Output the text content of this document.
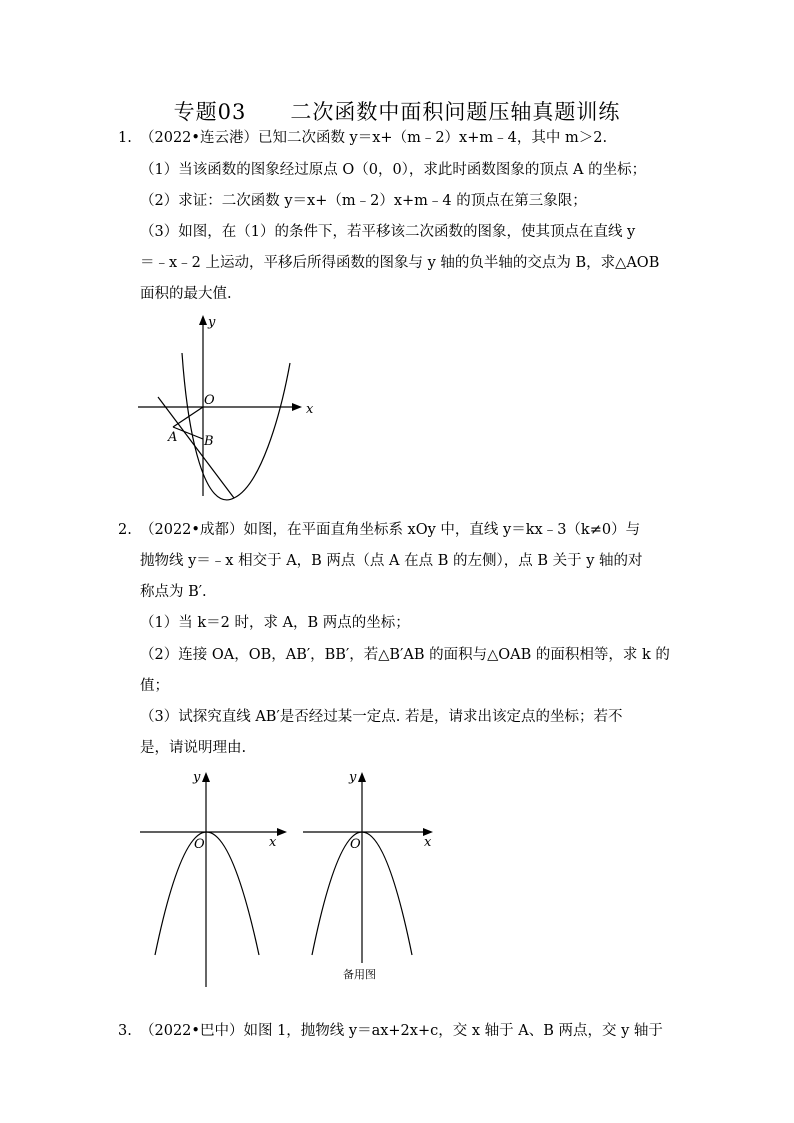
专题03　　二次函数中面积问题压轴真题训练
1. （2022•连云港）已知二次函数 y＝x+（m﹣2）x+m﹣4，其中 m＞2.
（1）当该函数的图象经过原点 O（0，0），求此时函数图象的顶点 A 的坐标；
（2）求证：二次函数 y＝x+（m﹣2）x+m﹣4 的顶点在第三象限；
（3）如图，在（1）的条件下，若平移该二次函数的图象，使其顶点在直线 y
＝﹣x﹣2 上运动，平移后所得函数的图象与 y 轴的负半轴的交点为 B，求△AOB
面积的最大值.
y
x
O
A B
2. （2022•成都）如图，在平面直角坐标系 xOy 中，直线 y＝kx﹣3（k≠0）与
抛物线 y＝﹣x 相交于 A，B 两点（点 A 在点 B 的左侧），点 B 关于 y 轴的对
称点为 B′.
（1）当 k＝2 时，求 A，B 两点的坐标；
（2）连接 OA，OB，AB′，BB′，若△B′AB 的面积与△OAB 的面积相等，求 k 的
值；
（3）试探究直线 AB′是否经过某一定点. 若是，请求出该定点的坐标；若不
是，请说明理由.
y
x
O
y
x
O
备用图
3. （2022•巴中）如图 1，抛物线 y＝ax+2x+c，交 x 轴于 A、B 两点，交 y 轴于
